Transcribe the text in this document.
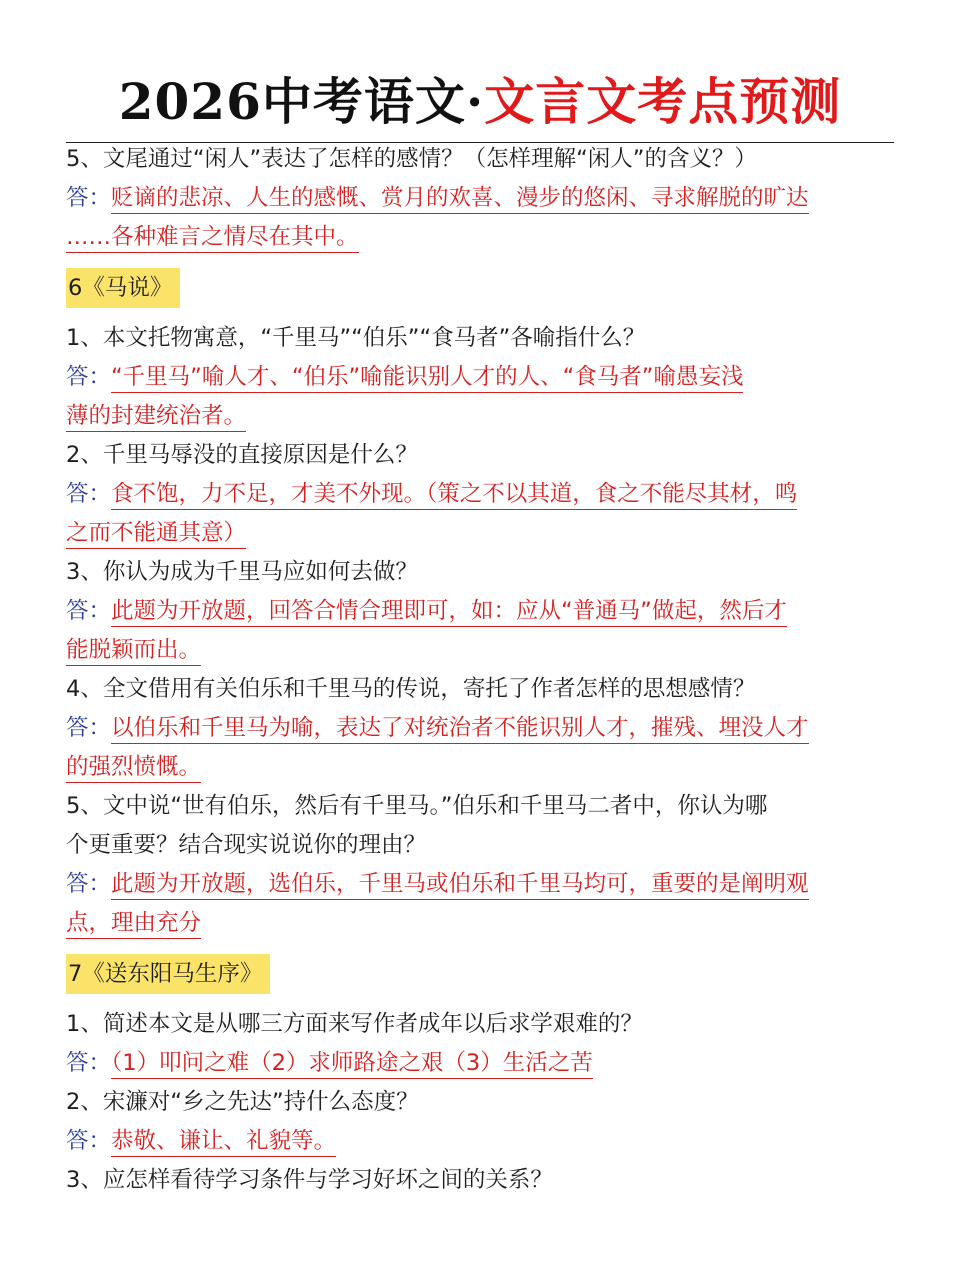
2026中考语文·文言文考点预测
5、文尾通过“闲人”表达了怎样的感情？（怎样理解“闲人”的含义？）
答：贬谪的悲凉、人生的感慨、赏月的欢喜、漫步的悠闲、寻求解脱的旷达
……各种难言之情尽在其中。
6《马说》
1、本文托物寓意，“千里马”“伯乐”“食马者”各喻指什么？
答：“千里马”喻人才、“伯乐”喻能识别人才的人、“食马者”喻愚妄浅
薄的封建统治者。
2、千里马辱没的直接原因是什么？
答：食不饱，力不足，才美不外现。（策之不以其道，食之不能尽其材，鸣
之而不能通其意）
3、你认为成为千里马应如何去做？
答：此题为开放题，回答合情合理即可，如：应从“普通马”做起，然后才
能脱颖而出。
4、全文借用有关伯乐和千里马的传说，寄托了作者怎样的思想感情？
答：以伯乐和千里马为喻，表达了对统治者不能识别人才，摧残、埋没人才
的强烈愤慨。
5、文中说“世有伯乐，然后有千里马。”伯乐和千里马二者中，你认为哪
个更重要？结合现实说说你的理由？
答：此题为开放题，选伯乐，千里马或伯乐和千里马均可，重要的是阐明观
点，理由充分
7《送东阳马生序》
1、简述本文是从哪三方面来写作者成年以后求学艰难的？
答：（1）叩问之难（2）求师路途之艰（3）生活之苦
2、宋濂对“乡之先达”持什么态度？
答：恭敬、谦让、礼貌等。
3、应怎样看待学习条件与学习好坏之间的关系？
